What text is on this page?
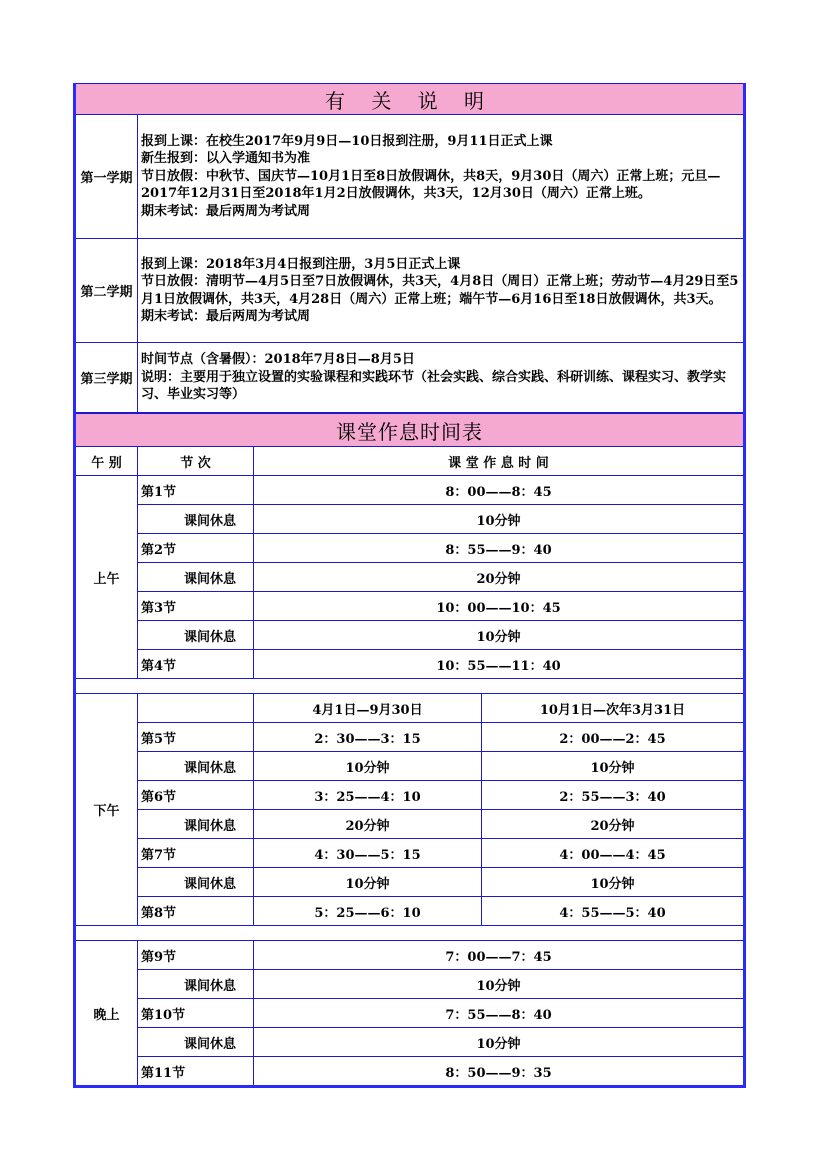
有 关 说 明	
第一学期	报到上课：在校生2017年9月9日—10日报到注册，9月11日正式上课
新生报到：以入学通知书为准
节日放假：中秋节、国庆节—10月1日至8日放假调休，共8天，9月30日（周六）正常上班；元旦—2017年12月31日至2018年1月2日放假调休，共3天，12月30日（周六）正常上班。
期末考试：最后两周为考试周

第二学期	报到上课：2018年3月4日报到注册，3月5日正式上课
节日放假：清明节—4月5日至7日放假调休，共3天，4月8日（周日）正常上班；劳动节—4月29日至5月1日放假调休，共3天，4月28日（周六）正常上班；端午节—6月16日至18日放假调休，共3天。
期末考试：最后两周为考试周

第三学期	时间节点（含暑假）：2018年7月8日—8月5日
说明：主要用于独立设置的实验课程和实践环节（社会实践、综合实践、科研训练、课程实习、教学实习、毕业实习等）
课堂作息时间表			
午 别	节 次	课 堂 作 息 时 间	
上午	第1节	8：00——8：45	
	课间休息	10分钟	
	第2节	8：55——9：40	
	课间休息	20分钟	
	第3节	10：00——10：45	
	课间休息	10分钟	
	第4节	10：55——11：40	

下午		4月1日—9月30日	10月1日—次年3月31日
	第5节	2：30——3：15	2：00——2：45
	课间休息	10分钟	10分钟
	第6节	3：25——4：10	2：55——3：40
	课间休息	20分钟	20分钟
	第7节	4：30——5：15	4：00——4：45
	课间休息	10分钟	10分钟
	第8节	5：25——6：10	4：55——5：40

晚上	第9节	7：00——7：45	
	课间休息	10分钟	
	第10节	7：55——8：40	
	课间休息	10分钟	
	第11节	8：50——9：35	
